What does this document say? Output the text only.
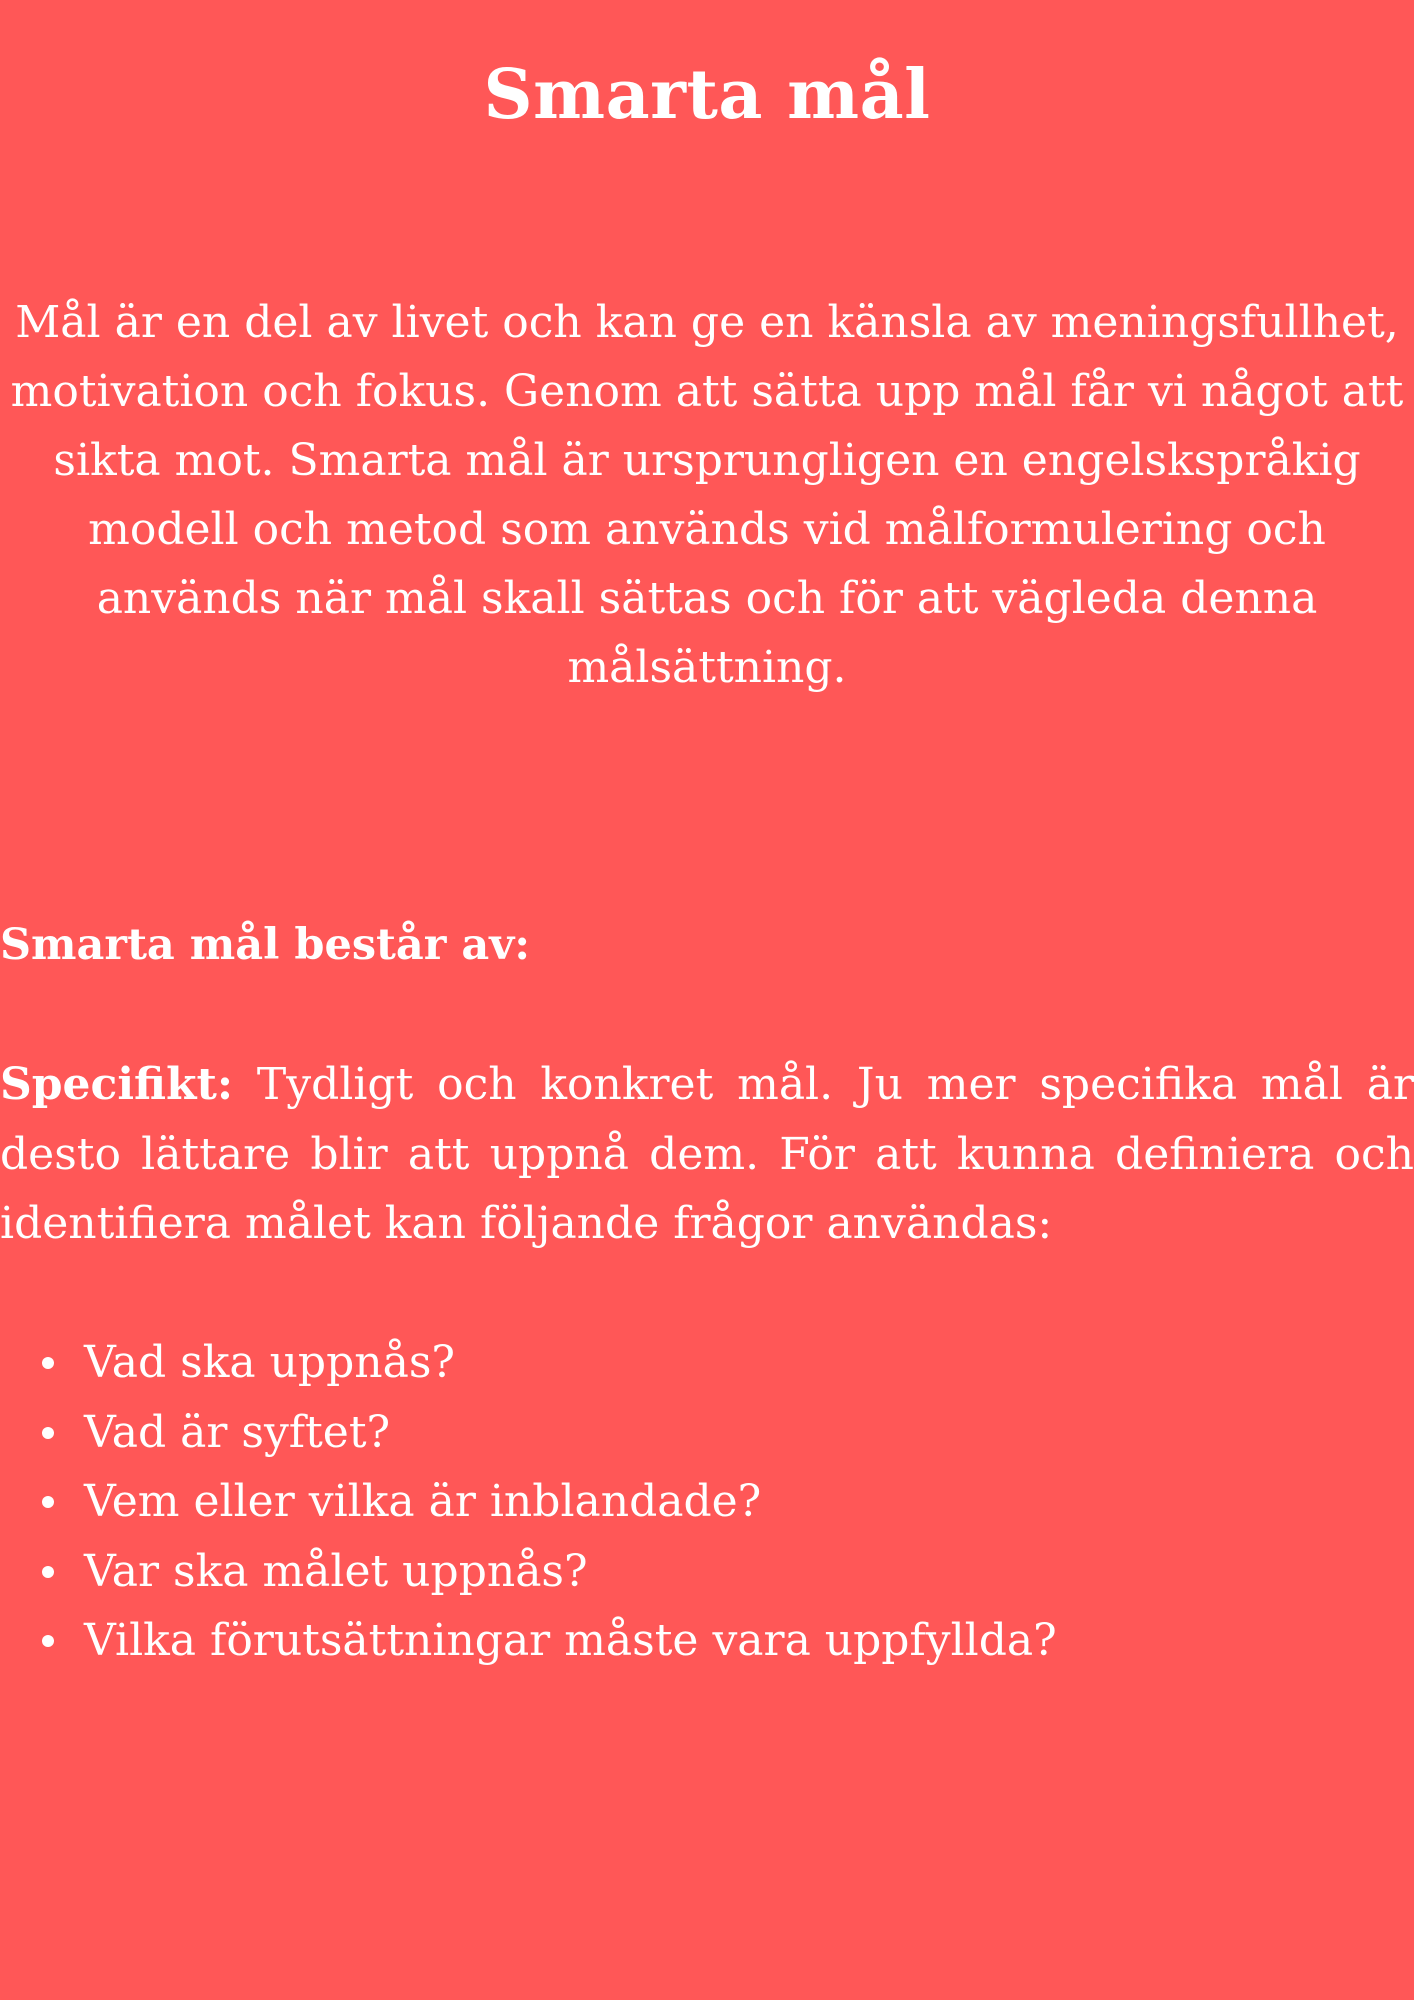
Smarta mål

Mål är en del av livet och kan ge en känsla av meningsfullhet, motivation och fokus. Genom att sätta upp mål får vi något att sikta mot. Smarta mål är ursprungligen en engelskspråkig modell och metod som används vid målformulering och används när mål skall sättas och för att vägleda denna målsättning.

Smarta mål består av:

Specifikt: Tydligt och konkret mål. Ju mer specifika mål är desto lättare blir att uppnå dem. För att kunna definiera och identifiera målet kan följande frågor användas:

Vad ska uppnås?
Vad är syftet?
Vem eller vilka är inblandade?
Var ska målet uppnås?
Vilka förutsättningar måste vara uppfyllda?
